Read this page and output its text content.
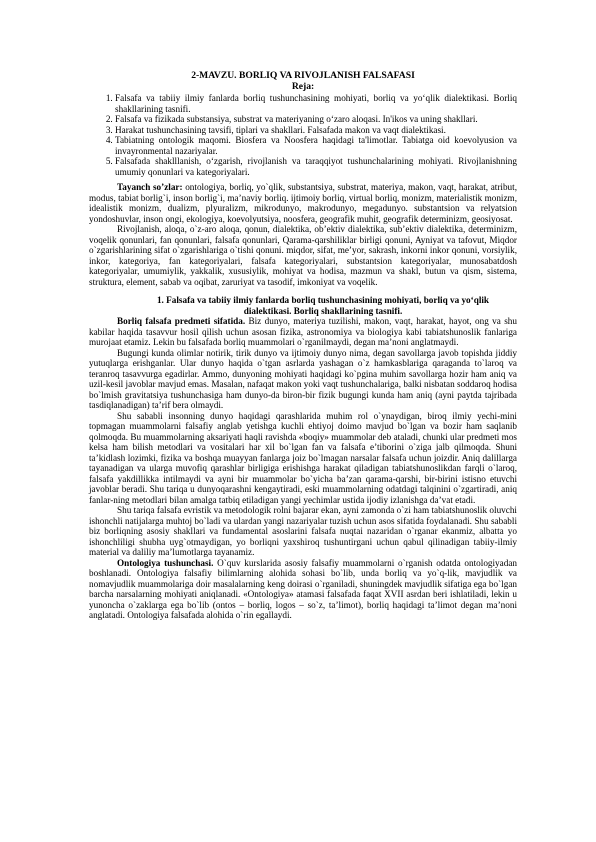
2-MAVZU. BORLIQ VA RIVOJLANISH FALSAFASI
Reja:
1. Falsafa va tabiiy ilmiy fanlarda borliq tushunchasining mohiyati, borliq va yo‘qlik dialektikasi. Borliq shakllarining tasnifi.
2. Falsafa va fizikada substansiya, substrat va materiyaning o‘zaro aloqasi. In'ikos va uning shakllari.
3. Harakat tushunchasining tavsifi, tiplari va shakllari. Falsafada makon va vaqt dialektikasi.
4. Tabiatning ontologik maqomi. Biosfera va Noosfera haqidagi ta'limotlar. Tabiatga oid koevolyusion va invayronmental nazariyalar.
5. Falsafada shaklllanish, o‘zgarish, rivojlanish va taraqqiyot tushunchalarining mohiyati. Rivojlanishning umumiy qonunlari va kategoriyalari.

Tayanch so’zlar: ontologiya, borliq, yo`qlik, substantsiya, substrat, materiya, makon, vaqt, harakat, atribut, modus, tabiat borlig`i, inson borlig`i, ma’naviy borliq. ijtimoiy borliq, virtual borliq, monizm, materialistik monizm, idealistik monizm, dualizm, plyuralizm, mikrodunyo, makrodunyo, megadunyo. substantsion va relyatsion yondoshuvlar, inson ongi, ekologiya, koevolyutsiya, noosfera, geografik muhit, geografik determinizm, geosiyosat.

Rivojlanish, aloqa, o`z-aro aloqa, qonun, dialektika, ob’ektiv dialektika, sub’ektiv dialektika, determinizm, voqelik qonunlari, fan qonunlari, falsafa qonunlari, Qarama-qarshiliklar birligi qonuni, Ayniyat va tafovut, Miqdor o`zgarishlarining sifat o`zgarishlariga o`tishi qonuni. miqdor, sifat, me’yor, sakrash, inkorni inkor qonuni, vorsiylik, inkor, kategoriya, fan kategoriyalari, falsafa kategoriyalari, substantsion kategoriyalar, munosabatdosh kategoriyalar, umumiylik, yakkalik, xususiylik, mohiyat va hodisa, mazmun va shakl, butun va qism, sistema, struktura, element, sabab va oqibat, zaruriyat va tasodif, imkoniyat va voqelik.

1. Falsafa va tabiiy ilmiy fanlarda borliq tushunchasining mohiyati, borliq va yo‘qlik
dialektikasi. Borliq shakllarining tasnifi.

Borliq falsafa predmeti sifatida. Biz dunyo, materiya tuzilishi, makon, vaqt, harakat, hayot, ong va shu kabilar haqida tasavvur hosil qilish uchun asosan fizika, astronomiya va biologiya kabi tabiatshunoslik fanlariga murojaat etamiz. Lekin bu falsafada borliq muammolari o`rganilmaydi, degan ma’noni anglatmaydi.

Bugungi kunda olimlar notirik, tirik dunyo va ijtimoiy dunyo nima, degan savollarga javob topishda jiddiy yutuqlarga erishganlar. Ular dunyo haqida o`tgan asrlarda yashagan o`z hamkasblariga qaraganda to`laroq va teranroq tasavvurga egadirlar. Ammo, dunyoning mohiyati haqidagi ko`pgina muhim savollarga hozir ham aniq va uzil-kesil javoblar mavjud emas. Masalan, nafaqat makon yoki vaqt tushunchalariga, balki nisbatan soddaroq hodisa bo`lmish gravitatsiya tushunchasiga ham dunyo-da biron-bir fizik bugungi kunda ham aniq (ayni paytda tajribada tasdiqlanadigan) ta’rif bera olmaydi.

Shu sababli insonning dunyo haqidagi qarashlarida muhim rol o`ynaydigan, biroq ilmiy yechi-mini topmagan muammolarni falsafiy anglab yetishga kuchli ehtiyoj doimo mavjud bo`lgan va bozir ham saqlanib qolmoqda. Bu muammolarning aksariyati haqli ravishda «boqiy» muammolar deb ataladi, chunki ular predmeti mos kelsa ham bilish metodlari va vositalari har xil bo`lgan fan va falsafa e’tiborini o`ziga jalb qilmoqda. Shuni ta’kidlash lozimki, fizika va boshqa muayyan fanlarga joiz bo`lmagan narsalar falsafa uchun joizdir. Aniq dalillarga tayanadigan va ularga muvofiq qarashlar birligiga erishishga harakat qiladigan tabiatshunoslikdan farqli o`laroq, falsafa yakdillikka intilmaydi va ayni bir muammolar bo`yicha ba’zan qarama-qarshi, bir-birini istisno etuvchi javoblar beradi. Shu tariqa u dunyoqarashni kengaytiradi, eski muammolarning odatdagi talqinini o`zgartiradi, aniq fanlar-ning metodlari bilan amalga tatbiq etiladigan yangi yechimlar ustida ijodiy izlanishga da’vat etadi.

Shu tariqa falsafa evristik va metodologik rolni bajarar ekan, ayni zamonda o`zi ham tabiatshunoslik oluvchi ishonchli natijalarga muhtoj bo`ladi va ulardan yangi nazariyalar tuzish uchun asos sifatida foydalanadi. Shu sababli biz borliqning asosiy shakllari va fundamental asoslarini falsafa nuqtai nazaridan o`rganar ekanmiz, albatta yo ishonchliligi shubha uyg`otmaydigan, yo borliqni yaxshiroq tushuntirgani uchun qabul qilinadigan tabiiy-ilmiy material va daliliy ma’lumotlarga tayanamiz.

Ontologiya tushunchasi. O`quv kurslarida asosiy falsafiy muammolarni o`rganish odatda ontologiyadan boshlanadi. Ontologiya falsafiy bilimlarning alohida sohasi bo`lib, unda borliq va yo`q-lik, mavjudlik va nomavjudlik muammolariga doir masalalarning keng doirasi o`rganiladi, shuningdek mavjudlik sifatiga ega bo`lgan barcha narsalarning mohiyati aniqlanadi. «Ontologiya» atamasi falsafada faqat XVII asrdan beri ishlatiladi, lekin u yunoncha o`zaklarga ega bo`lib (ontos – borliq, logos – so`z, ta’limot), borliq haqidagi ta’limot degan ma’noni anglatadi. Ontologiya falsafada alohida o`rin egallaydi.
